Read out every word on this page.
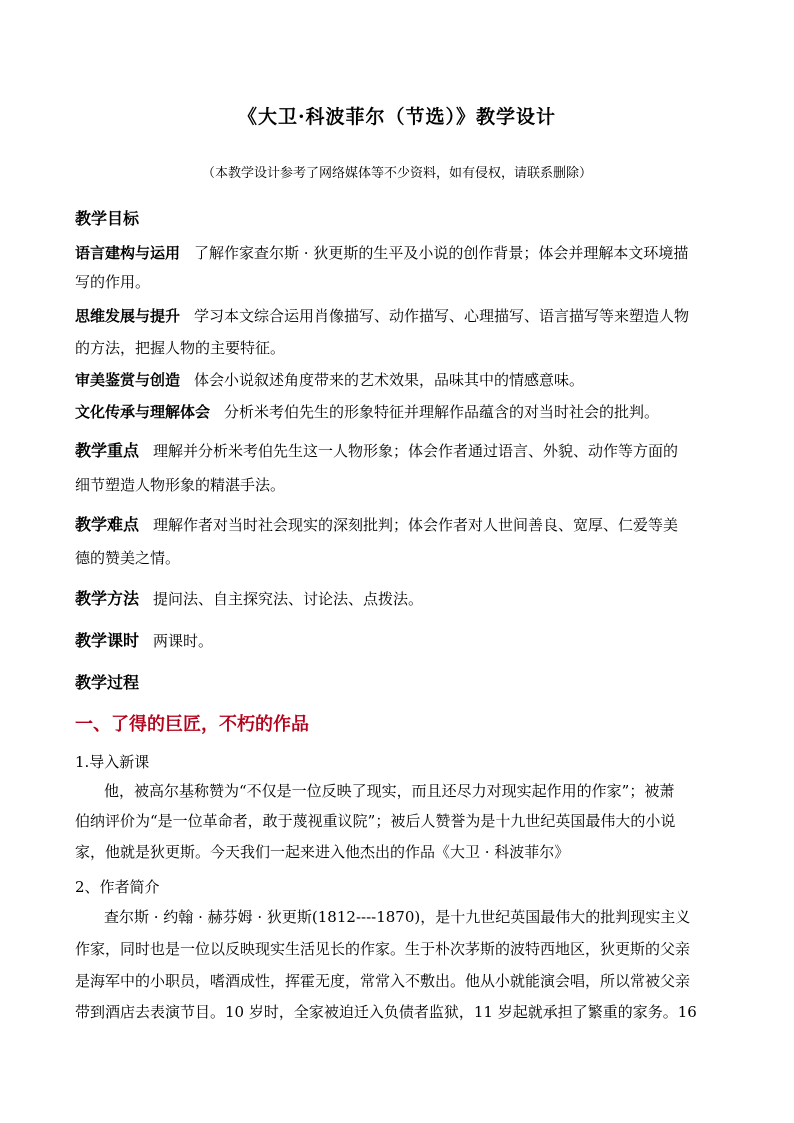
《大卫·科波菲尔（节选）》教学设计
（本教学设计参考了网络媒体等不少资料，如有侵权，请联系删除）
教学目标
语言建构与运用 了解作家查尔斯 · 狄更斯的生平及小说的创作背景；体会并理解本文环境描
写的作用。
思维发展与提升 学习本文综合运用肖像描写、动作描写、心理描写、语言描写等来塑造人物
的方法，把握人物的主要特征。
审美鉴赏与创造 体会小说叙述角度带来的艺术效果，品味其中的情感意味。
文化传承与理解体会 分析米考伯先生的形象特征并理解作品蕴含的对当时社会的批判。
教学重点 理解并分析米考伯先生这一人物形象；体会作者通过语言、外貌、动作等方面的
细节塑造人物形象的精湛手法。
教学难点 理解作者对当时社会现实的深刻批判；体会作者对人世间善良、宽厚、仁爱等美
德的赞美之情。
教学方法 提问法、自主探究法、讨论法、点拨法。
教学课时 两课时。
教学过程
一、了得的巨匠，不朽的作品
1.导入新课
他，被高尔基称赞为“不仅是一位反映了现实，而且还尽力对现实起作用的作家”；被萧
伯纳评价为“是一位革命者，敢于蔑视重议院”；被后人赞誉为是十九世纪英国最伟大的小说
家，他就是狄更斯。今天我们一起来进入他杰出的作品《大卫 · 科波菲尔》
2、作者简介
查尔斯 · 约翰 · 赫芬姆 · 狄更斯(1812----1870)，是十九世纪英国最伟大的批判现实主义
作家，同时也是一位以反映现实生活见长的作家。生于朴次茅斯的波特西地区，狄更斯的父亲
是海军中的小职员，嗜酒成性，挥霍无度，常常入不敷出。他从小就能演会唱，所以常被父亲
带到酒店去表演节目。10 岁时，全家被迫迁入负债者监狱，11 岁起就承担了繁重的家务。16
